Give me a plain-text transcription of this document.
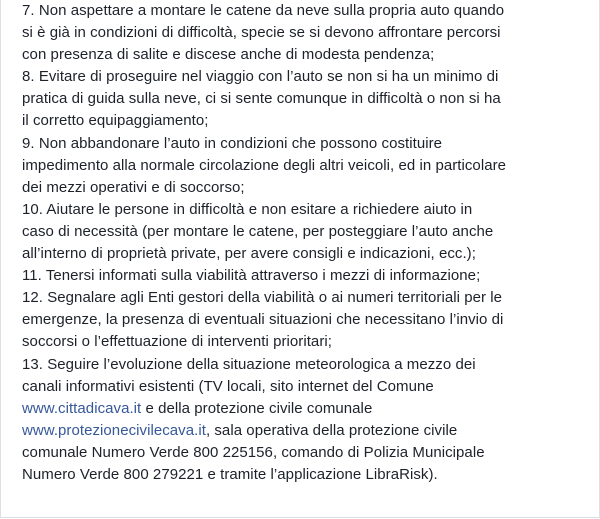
7. Non aspettare a montare le catene da neve sulla propria auto quando
si è già in condizioni di difficoltà, specie se si devono affrontare percorsi
con presenza di salite e discese anche di modesta pendenza;
8. Evitare di proseguire nel viaggio con l’auto se non si ha un minimo di
pratica di guida sulla neve, ci si sente comunque in difficoltà o non si ha
il corretto equipaggiamento;
9. Non abbandonare l’auto in condizioni che possono costituire
impedimento alla normale circolazione degli altri veicoli, ed in particolare
dei mezzi operativi e di soccorso;
10. Aiutare le persone in difficoltà e non esitare a richiedere aiuto in
caso di necessità (per montare le catene, per posteggiare l’auto anche
all’interno di proprietà private, per avere consigli e indicazioni, ecc.);
11. Tenersi informati sulla viabilità attraverso i mezzi di informazione;
12. Segnalare agli Enti gestori della viabilità o ai numeri territoriali per le
emergenze, la presenza di eventuali situazioni che necessitano l’invio di
soccorsi o l’effettuazione di interventi prioritari;
13. Seguire l’evoluzione della situazione meteorologica a mezzo dei
canali informativi esistenti (TV locali, sito internet del Comune
www.cittadicava.it e della protezione civile comunale
www.protezionecivilecava.it, sala operativa della protezione civile
comunale Numero Verde 800 225156, comando di Polizia Municipale
Numero Verde 800 279221 e tramite l’applicazione LibraRisk).
